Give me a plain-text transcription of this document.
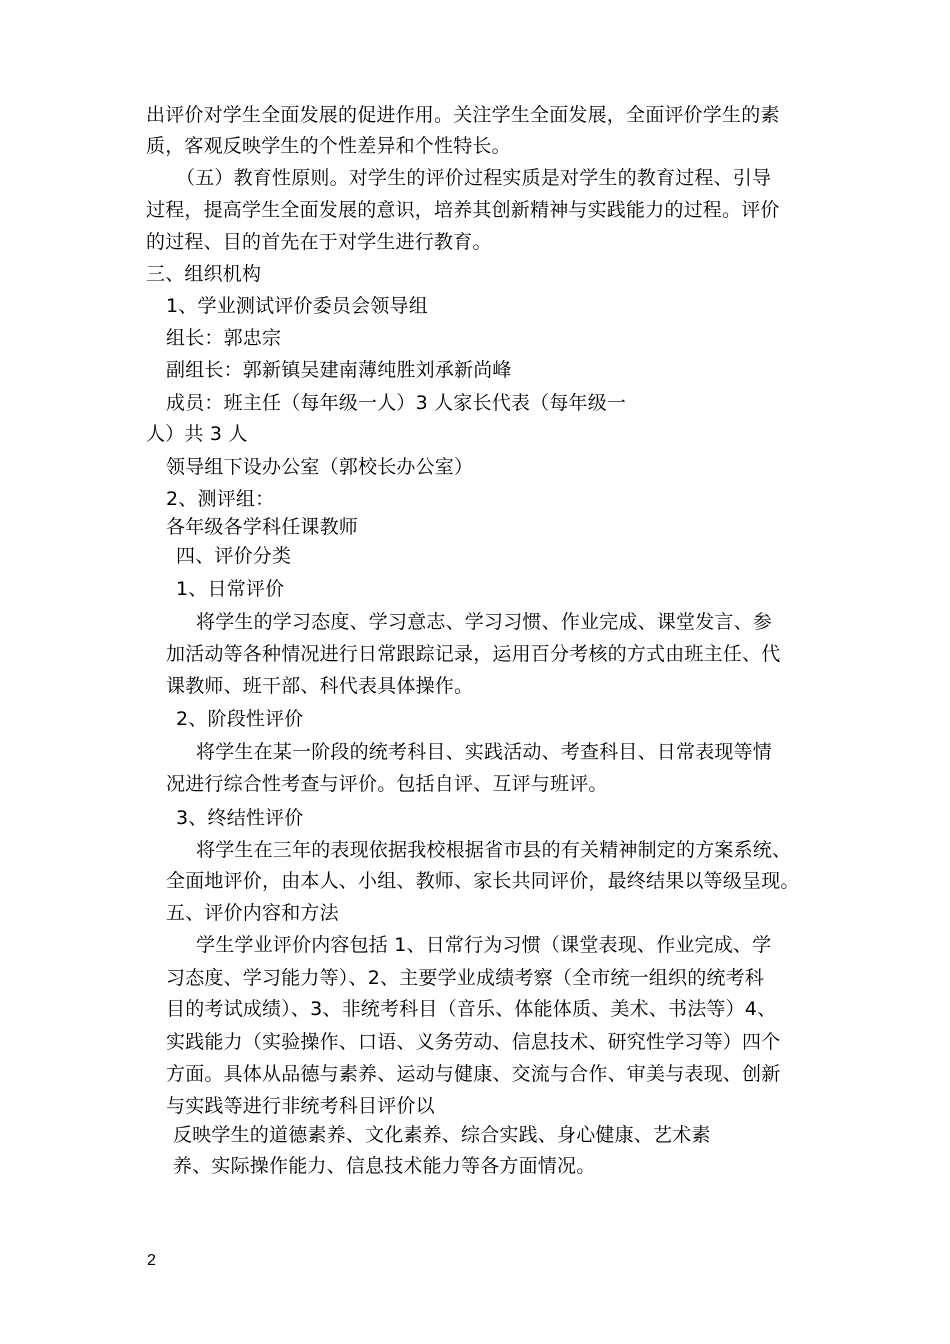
出评价对学生全面发展的促进作用。关注学生全面发展，全面评价学生的素
质，客观反映学生的个性差异和个性特长。
（五）教育性原则。对学生的评价过程实质是对学生的教育过程、引导
过程，提高学生全面发展的意识，培养其创新精神与实践能力的过程。评价
的过程、目的首先在于对学生进行教育。
三、组织机构
1、学业测试评价委员会领导组
组长：郭忠宗
副组长：郭新镇吴建南薄纯胜刘承新尚峰
成员：班主任（每年级一人）3 人家长代表（每年级一
人）共 3 人
领导组下设办公室（郭校长办公室）
2、测评组：
各年级各学科任课教师
四、评价分类
1、日常评价
将学生的学习态度、学习意志、学习习惯、作业完成、课堂发言、参
加活动等各种情况进行日常跟踪记录，运用百分考核的方式由班主任、代
课教师、班干部、科代表具体操作。
2、阶段性评价
将学生在某一阶段的统考科目、实践活动、考查科目、日常表现等情
况进行综合性考查与评价。包括自评、互评与班评。
3、终结性评价
将学生在三年的表现依据我校根据省市县的有关精神制定的方案系统、
全面地评价，由本人、小组、教师、家长共同评价，最终结果以等级呈现。
五、评价内容和方法
学生学业评价内容包括 1、日常行为习惯（课堂表现、作业完成、学
习态度、学习能力等）、2、主要学业成绩考察（全市统一组织的统考科
目的考试成绩）、3、非统考科目（音乐、体能体质、美术、书法等）4、
实践能力（实验操作、口语、义务劳动、信息技术、研究性学习等）四个
方面。具体从品德与素养、运动与健康、交流与合作、审美与表现、创新
与实践等进行非统考科目评价以
反映学生的道德素养、文化素养、综合实践、身心健康、艺术素
养、实际操作能力、信息技术能力等各方面情况。
2
